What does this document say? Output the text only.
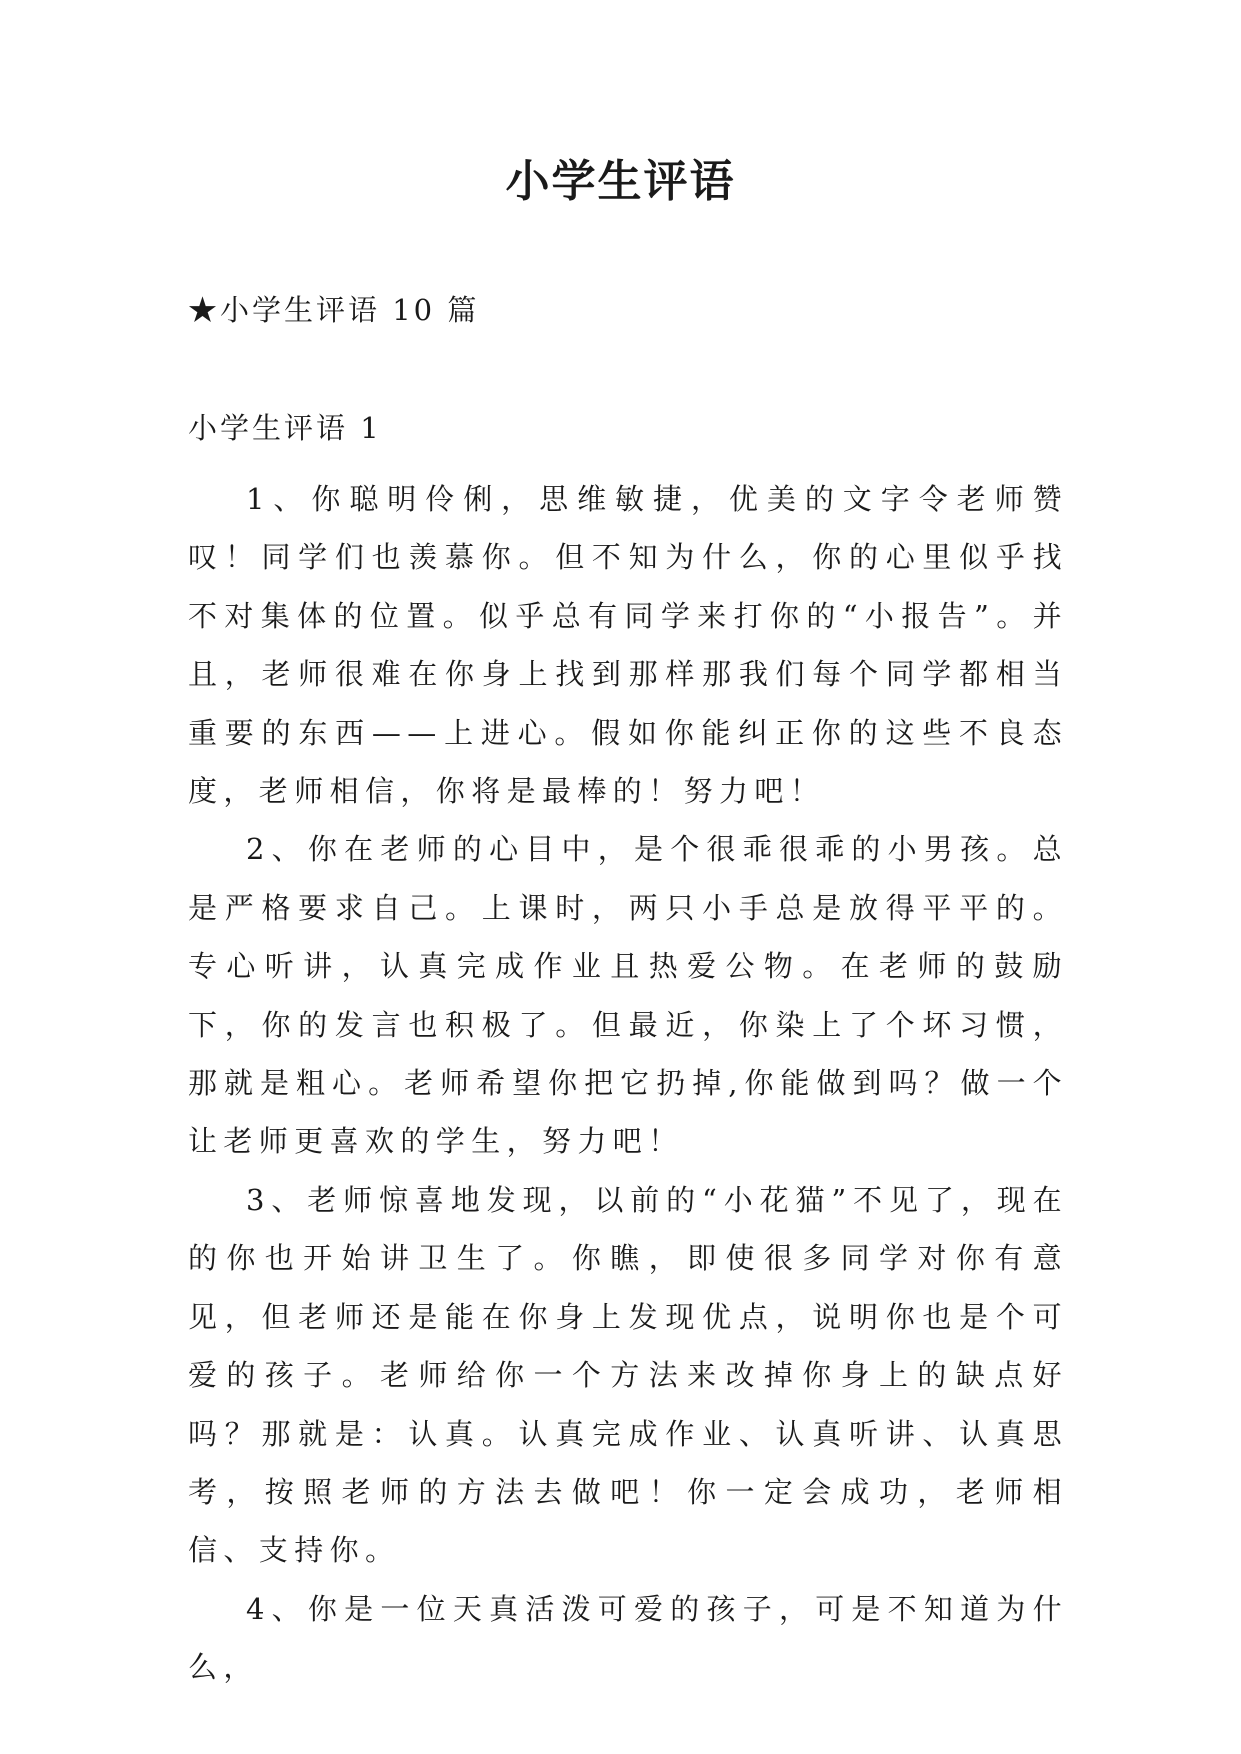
小学生评语
★小学生评语 10 篇
小学生评语 1

1、你聪明伶俐，思维敏捷，优美的文字令老师赞叹！同学们也羡慕你。但不知为什么，你的心里似乎找不对集体的位置。似乎总有同学来打你的“小报告”。并且，老师很难在你身上找到那样那我们每个同学都相当重要的东西——上进心。假如你能纠正你的这些不良态度，老师相信，你将是最棒的！努力吧！

2、你在老师的心目中，是个很乖很乖的小男孩。总是严格要求自己。上课时，两只小手总是放得平平的。专心听讲，认真完成作业且热爱公物。在老师的鼓励下，你的发言也积极了。但最近，你染上了个坏习惯，那就是粗心。老师希望你把它扔掉,你能做到吗？做一个让老师更喜欢的学生，努力吧！

3、老师惊喜地发现，以前的“小花猫”不见了，现在的你也开始讲卫生了。你瞧，即使很多同学对你有意见，但老师还是能在你身上发现优点，说明你也是个可爱的孩子。老师给你一个方法来改掉你身上的缺点好吗？那就是：认真。认真完成作业、认真听讲、认真思考，按照老师的方法去做吧！你一定会成功，老师相信、支持你。

4、你是一位天真活泼可爱的孩子，可是不知道为什么，
